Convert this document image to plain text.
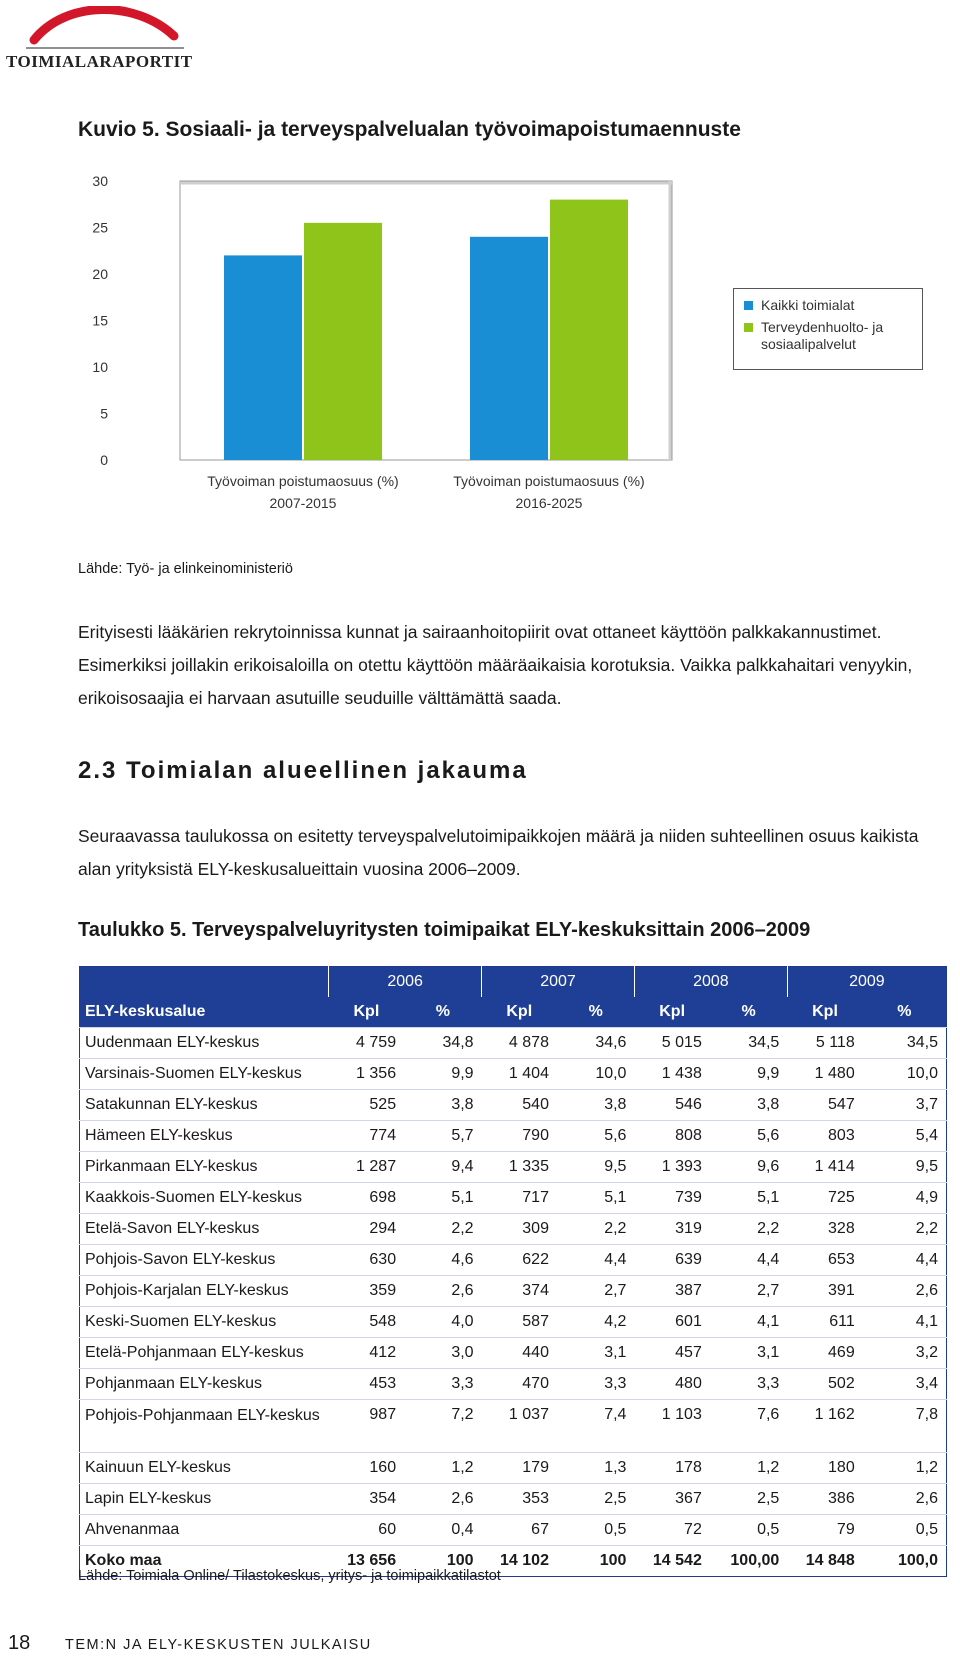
TOIMIALARAPORTIT
Kuvio 5. Sosiaali- ja terveyspalvelualan työvoimapoistumaennuste
0
5
10
15
20
25
30
Työvoiman poistumaosuus (%)
2007-2015
Työvoiman poistumaosuus (%)
2016-2025
Kaikki toimialat
Terveydenhuolto- ja sosiaalipalvelut
Lähde: Työ- ja elinkeinoministeriö
Erityisesti lääkärien rekrytoinnissa kunnat ja sairaanhoitopiirit ovat ottaneet käyttöön palkkakannustimet. Esimerkiksi joillakin erikoisaloilla on otettu käyttöön määräaikaisia korotuksia. Vaikka palkkahaitari venyykin, erikoisosaajia ei harvaan asutuille seuduille välttämättä saada.
2.3 Toimialan alueellinen jakauma
Seuraavassa taulukossa on esitetty terveyspalvelutoimipaikkojen määrä ja niiden suhteellinen osuus kaikista alan yrityksistä ELY-keskusalueittain vuosina 2006–2009.
Taulukko 5. Terveyspalveluyritysten toimipaikat ELY-keskuksittain 2006–2009
	2006		2007		2008		2009	
ELY-keskusalue	Kpl	%	Kpl	%	Kpl	%	Kpl	%
Uudenmaan ELY-keskus	4 759	34,8	4 878	34,6	5 015	34,5	5 118	34,5
Varsinais-Suomen ELY-keskus	1 356	9,9	1 404	10,0	1 438	9,9	1 480	10,0
Satakunnan ELY-keskus	525	3,8	540	3,8	546	3,8	547	3,7
Hämeen ELY-keskus	774	5,7	790	5,6	808	5,6	803	5,4
Pirkanmaan ELY-keskus	1 287	9,4	1 335	9,5	1 393	9,6	1 414	9,5
Kaakkois-Suomen ELY-keskus	698	5,1	717	5,1	739	5,1	725	4,9
Etelä-Savon ELY-keskus	294	2,2	309	2,2	319	2,2	328	2,2
Pohjois-Savon ELY-keskus	630	4,6	622	4,4	639	4,4	653	4,4
Pohjois-Karjalan ELY-keskus	359	2,6	374	2,7	387	2,7	391	2,6
Keski-Suomen ELY-keskus	548	4,0	587	4,2	601	4,1	611	4,1
Etelä-Pohjanmaan ELY-keskus	412	3,0	440	3,1	457	3,1	469	3,2
Pohjanmaan ELY-keskus	453	3,3	470	3,3	480	3,3	502	3,4
Pohjois-Pohjanmaan ELY-keskus	987	7,2	1 037	7,4	1 103	7,6	1 162	7,8
Kainuun ELY-keskus	160	1,2	179	1,3	178	1,2	180	1,2
Lapin ELY-keskus	354	2,6	353	2,5	367	2,5	386	2,6
Ahvenanmaa	60	0,4	67	0,5	72	0,5	79	0,5
Koko maa	13 656	100	14 102	100	14 542	100,00	14 848	100,0
Lähde: Toimiala Online/ Tilastokeskus, yritys- ja toimipaikkatilastot
18 TEM:N JA ELY-KESKUSTEN JULKAISU
